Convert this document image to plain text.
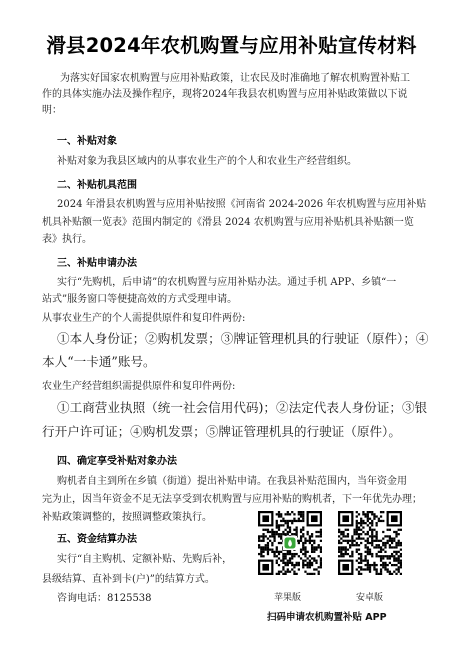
滑县2024年农机购置与应用补贴宣传材料
为落实好国家农机购置与应用补贴政策，让农民及时准确地了解农机购置补贴工
作的具体实施办法及操作程序，现将2024年我县农机购置与应用补贴政策做以下说
明：
一、补贴对象
补贴对象为我县区域内的从事农业生产的个人和农业生产经营组织。
二、补贴机具范围
2024 年滑县农机购置与应用补贴按照《河南省 2024-2026 年农机购置与应用补贴
机具补贴额一览表》范围内制定的《滑县 2024 农机购置与应用补贴机具补贴额一览
表》执行。
三、补贴申请办法
实行“先购机，后申请”的农机购置与应用补贴办法。通过手机 APP、乡镇“一
站式”服务窗口等便捷高效的方式受理申请。
从事农业生产的个人需提供原件和复印件两份:
①本人身份证；②购机发票；③牌证管理机具的行驶证（原件）；④
本人“一卡通”账号。
农业生产经营组织需提供原件和复印件两份:
①工商营业执照（统一社会信用代码)；②法定代表人身份证；③银
行开户许可证；④购机发票；⑤牌证管理机具的行驶证（原件）。
四、确定享受补贴对象办法
购机者自主到所在乡镇（街道）提出补贴申请。在我县补贴范围内，当年资金用
完为止，因当年资金不足无法享受到农机购置与应用补贴的购机者，下一年优先办理；
补贴政策调整的，按照调整政策执行。
五、资金结算办法
实行“自主购机、定额补贴、先购后补，
县级结算、直补到卡(户)”的结算方式。
咨询电话：8125538	苹果版	安卓版
扫码申请农机购置补贴 APP
